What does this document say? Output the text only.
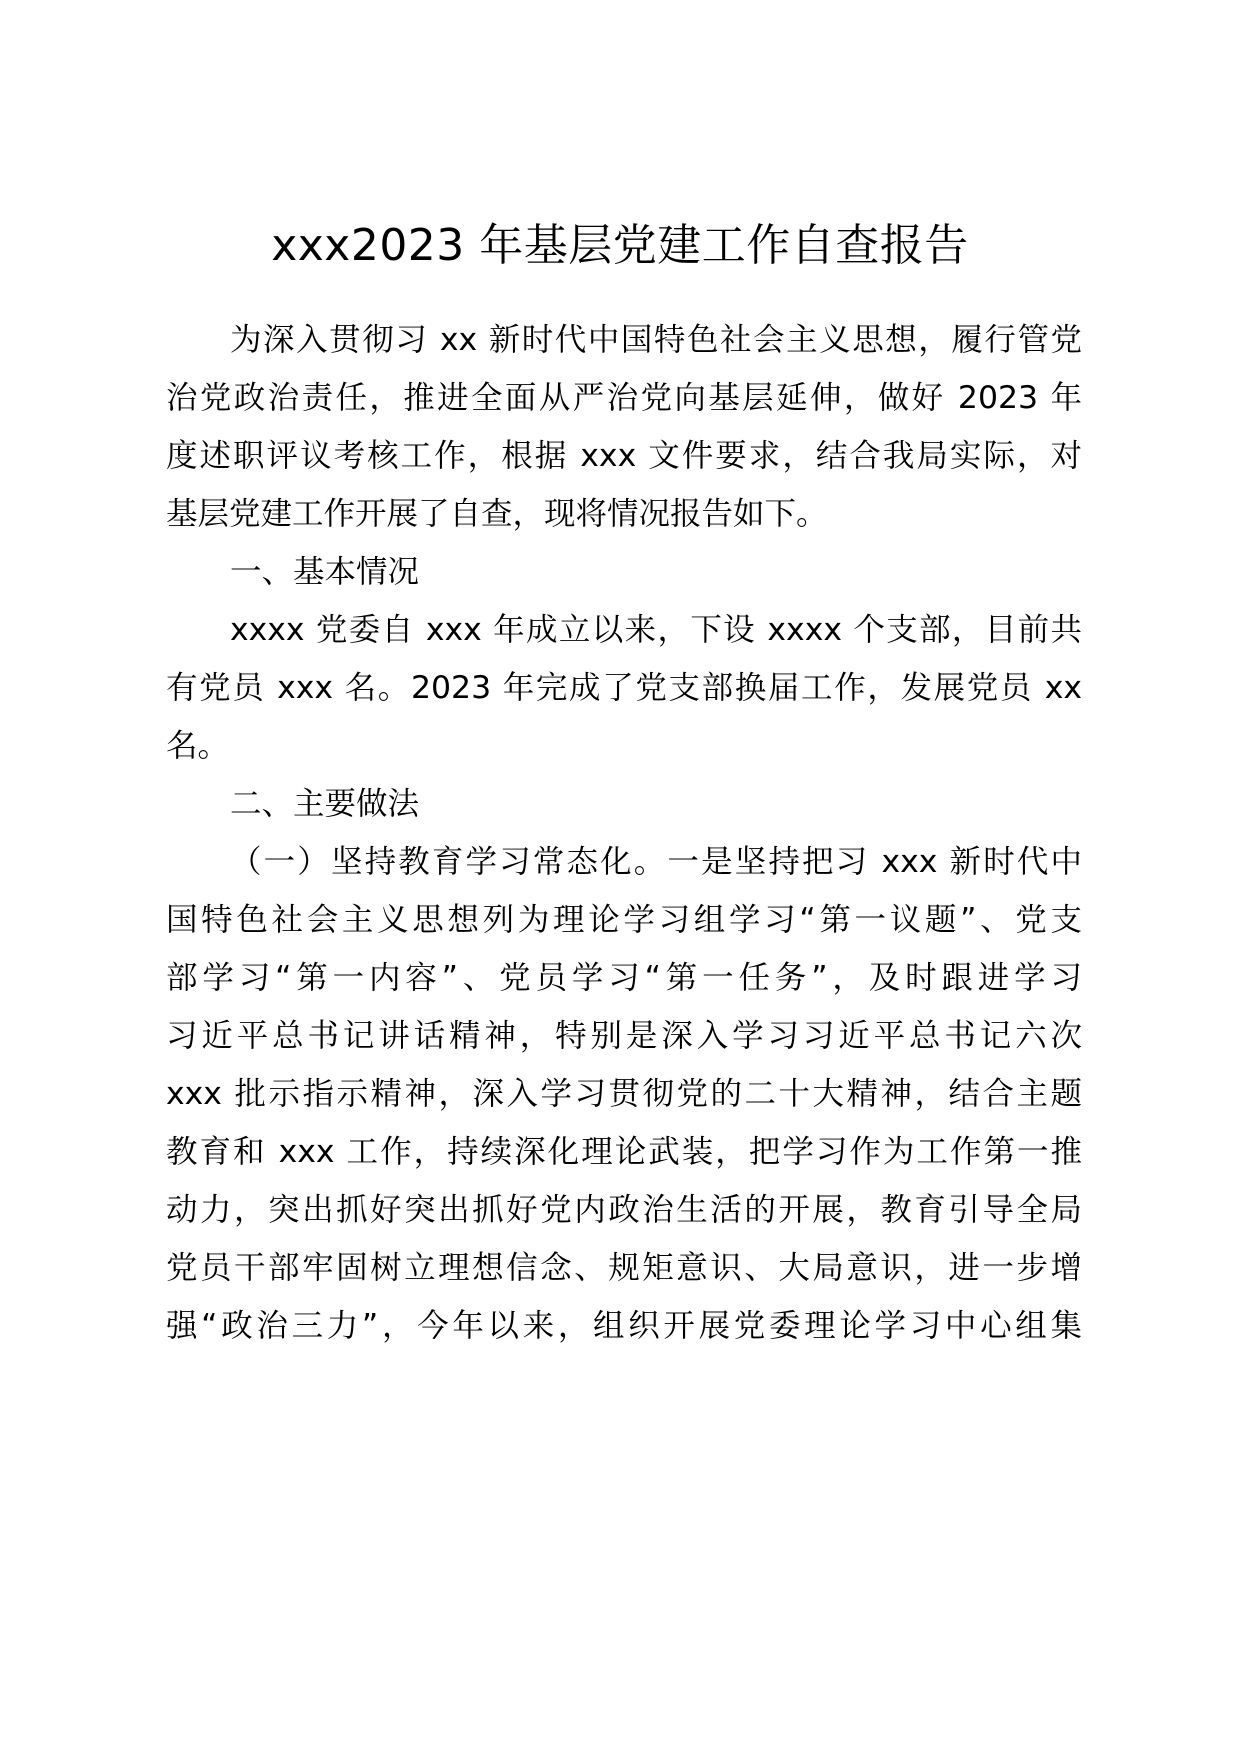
xxx2023 年基层党建工作自查报告

为深入贯彻习 xx 新时代中国特色社会主义思想，履行管党

治党政治责任，推进全面从严治党向基层延伸，做好 2023 年

度述职评议考核工作，根据 xxx 文件要求，结合我局实际，对

基层党建工作开展了自查，现将情况报告如下。

一、基本情况

xxxx 党委自 xxx 年成立以来，下设 xxxx 个支部，目前共

有党员 xxx 名。2023 年完成了党支部换届工作，发展党员 xx

名。

二、主要做法

（一）坚持教育学习常态化。一是坚持把习 xxx 新时代中

国特色社会主义思想列为理论学习组学习“第一议题”、党支

部学习“第一内容”、党员学习“第一任务”，及时跟进学习

习近平总书记讲话精神，特别是深入学习习近平总书记六次

xxx 批示指示精神，深入学习贯彻党的二十大精神，结合主题

教育和 xxx 工作，持续深化理论武装，把学习作为工作第一推

动力，突出抓好突出抓好党内政治生活的开展，教育引导全局

党员干部牢固树立理想信念、规矩意识、大局意识，进一步增

强“政治三力”，今年以来，组织开展党委理论学习中心组集
